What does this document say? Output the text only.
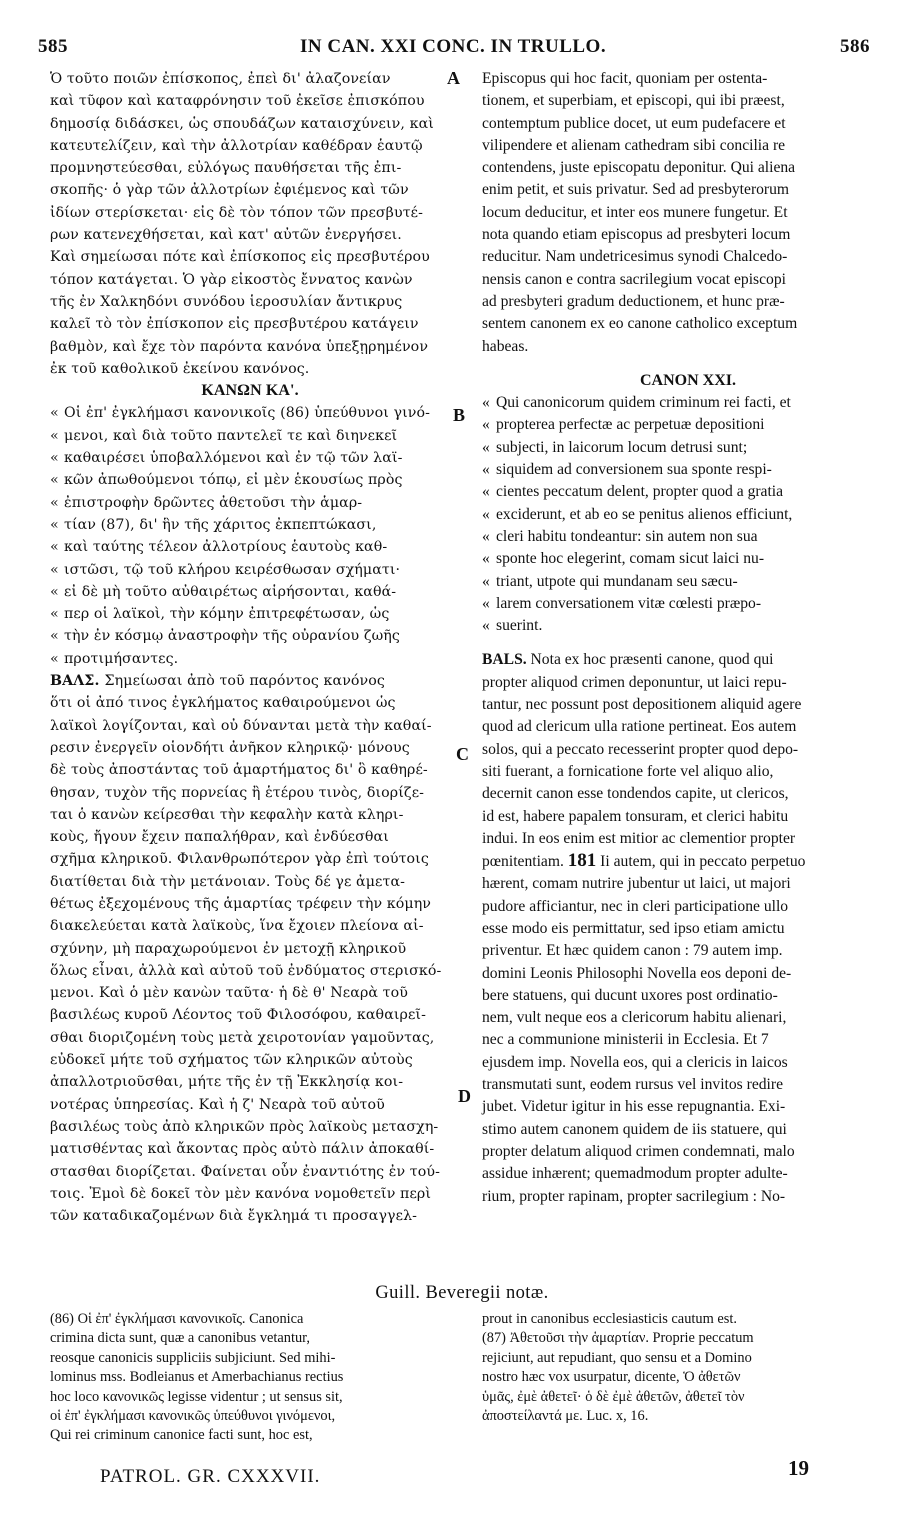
585	IN CAN. XXI CONC. IN TRULLO.	586
A
B
C
D

Ὁ τοῦτο ποιῶν ἐπίσκοπος, ἐπεὶ δι' ἀλαζονείαν

καὶ τῦφον καὶ καταφρόνησιν τοῦ ἐκεῖσε ἐπισκόπου

δημοσίᾳ διδάσκει, ὡς σπουδάζων καταισχύνειν, καὶ

κατευτελίζειν, καὶ τὴν ἀλλοτρίαν καθέδραν ἑαυτῷ

προμνηστεύεσθαι, εὐλόγως παυθήσεται τῆς ἐπι-

σκοπῆς· ὁ γὰρ τῶν ἀλλοτρίων ἐφιέμενος καὶ τῶν

ἰδίων στερίσκεται· εἰς δὲ τὸν τόπον τῶν πρεσβυτέ-

ρων κατενεχθήσεται, καὶ κατ' αὐτῶν ἐνεργήσει.

Καὶ σημείωσαι πότε καὶ ἐπίσκοπος εἰς πρεσβυτέρου

τόπον κατάγεται. Ὁ γὰρ εἰκοστὸς ἔννατος κανὼν

τῆς ἐν Χαλκηδόνι συνόδου ἱεροσυλίαν ἄντικρυς

καλεῖ τὸ τὸν ἐπίσκοπον εἰς πρεσβυτέρου κατάγειν

βαθμὸν, καὶ ἔχε τὸν παρόντα κανόνα ὑπεξῃρημένον

ἐκ τοῦ καθολικοῦ ἐκείνου κανόνος.

ΚΑΝΩΝ ΚΑ'.

« Οἱ ἐπ' ἐγκλήμασι κανονικοῖς (86) ὑπεύθυνοι γινό-

« μενοι, καὶ διὰ τοῦτο παντελεῖ τε καὶ διηνεκεῖ

« καθαιρέσει ὑποβαλλόμενοι καὶ ἐν τῷ τῶν λαϊ-

« κῶν ἀπωθούμενοι τόπῳ, εἰ μὲν ἑκουσίως πρὸς

« ἐπιστροφὴν δρῶντες ἀθετοῦσι τὴν ἁμαρ-

« τίαν (87), δι' ἣν τῆς χάριτος ἐκπεπτώκασι,

« καὶ ταύτης τέλεον ἀλλοτρίους ἑαυτοὺς καθ-

« ιστῶσι, τῷ τοῦ κλήρου κειρέσθωσαν σχήματι·

« εἰ δὲ μὴ τοῦτο αὐθαιρέτως αἱρήσονται, καθά-

« περ οἱ λαϊκοὶ, τὴν κόμην ἐπιτρεφέτωσαν, ὡς

« τὴν ἐν κόσμῳ ἀναστροφὴν τῆς οὐρανίου ζωῆς

« προτιμήσαντες.

ΒΑΛΣ. Σημείωσαι ἀπὸ τοῦ παρόντος κανόνος

ὅτι οἱ ἀπό τινος ἐγκλήματος καθαιρούμενοι ὡς

λαϊκοὶ λογίζονται, καὶ οὐ δύνανται μετὰ τὴν καθαί-

ρεσιν ἐνεργεῖν οἱονδήτι ἀνῆκον κληρικῷ· μόνους

δὲ τοὺς ἀποστάντας τοῦ ἁμαρτήματος δι' ὃ καθηρέ-

θησαν, τυχὸν τῆς πορνείας ἢ ἑτέρου τινὸς, διορίζε-

ται ὁ κανὼν κείρεσθαι τὴν κεφαλὴν κατὰ κληρι-

κοὺς, ἤγουν ἔχειν παπαλήθραν, καὶ ἐνδύεσθαι

σχῆμα κληρικοῦ. Φιλανθρωπότερον γὰρ ἐπὶ τούτοις

διατίθεται διὰ τὴν μετάνοιαν. Τοὺς δέ γε ἀμετα-

θέτως ἐξεχομένους τῆς ἁμαρτίας τρέφειν τὴν κόμην

διακελεύεται κατὰ λαϊκοὺς, ἵνα ἔχοιεν πλείονα αἰ-

σχύνην, μὴ παραχωρούμενοι ἐν μετοχῇ κληρικοῦ

ὅλως εἶναι, ἀλλὰ καὶ αὐτοῦ τοῦ ἐνδύματος στερισκό-

μενοι. Καὶ ὁ μὲν κανὼν ταῦτα· ἡ δὲ θ' Νεαρὰ τοῦ

βασιλέως κυροῦ Λέοντος τοῦ Φιλοσόφου, καθαιρεῖ-

σθαι διοριζομένη τοὺς μετὰ χειροτονίαν γαμοῦντας,

εὐδοκεῖ μήτε τοῦ σχήματος τῶν κληρικῶν αὐτοὺς

ἀπαλλοτριοῦσθαι, μήτε τῆς ἐν τῇ Ἐκκλησίᾳ κοι-

νοτέρας ὑπηρεσίας. Καὶ ἡ ζ' Νεαρὰ τοῦ αὐτοῦ

βασιλέως τοὺς ἀπὸ κληρικῶν πρὸς λαϊκοὺς μετασχη-

ματισθέντας καὶ ἄκοντας πρὸς αὐτὸ πάλιν ἀποκαθί-

στασθαι διορίζεται. Φαίνεται οὖν ἐναντιότης ἐν τού-

τοις. Ἐμοὶ δὲ δοκεῖ τὸν μὲν κανόνα νομοθετεῖν περὶ

τῶν καταδικαζομένων διὰ ἔγκλημά τι προσαγγελ-

Episcopus qui hoc facit, quoniam per ostenta-

tionem, et superbiam, et episcopi, qui ibi præest,

contemptum publice docet, ut eum pudefacere et

vilipendere et alienam cathedram sibi concilia re

contendens, juste episcopatu deponitur. Qui aliena

enim petit, et suis privatur. Sed ad presbyterorum

locum deducitur, et inter eos munere fungetur. Et

nota quando etiam episcopus ad presbyteri locum

reducitur. Nam undetricesimus synodi Chalcedo-

nensis canon e contra sacrilegium vocat episcopi

ad presbyteri gradum deductionem, et hunc præ-

sentem canonem ex eo canone catholico exceptum

habeas.

CANON XXI.

« Qui canonicorum quidem criminum rei facti, et

« propterea perfectæ ac perpetuæ depositioni

« subjecti, in laicorum locum detrusi sunt;

« siquidem ad conversionem sua sponte respi-

« cientes peccatum delent, propter quod a gratia

« exciderunt, et ab eo se penitus alienos efficiunt,

« cleri habitu tondeantur: sin autem non sua

« sponte hoc elegerint, comam sicut laici nu-

« triant, utpote qui mundanam seu sæcu-

« larem conversationem vitæ cœlesti præpo-

« suerint.

BALS. Nota ex hoc præsenti canone, quod qui

propter aliquod crimen deponuntur, ut laici repu-

tantur, nec possunt post depositionem aliquid agere

quod ad clericum ulla ratione pertineat. Eos autem

solos, qui a peccato recesserint propter quod depo-

siti fuerant, a fornicatione forte vel aliquo alio,

decernit canon esse tondendos capite, ut clericos,

id est, habere papalem tonsuram, et clerici habitu

indui. In eos enim est mitior ac clementior propter

pœnitentiam. 181 Ii autem, qui in peccato perpetuo

hærent, comam nutrire jubentur ut laici, ut majori

pudore afficiantur, nec in cleri participatione ullo

esse modo eis permittatur, sed ipso etiam amictu

priventur. Et hæc quidem canon : 79 autem imp.

domini Leonis Philosophi Novella eos deponi de-

bere statuens, qui ducunt uxores post ordinatio-

nem, vult neque eos a clericorum habitu alienari,

nec a communione ministerii in Ecclesia. Et 7

ejusdem imp. Novella eos, qui a clericis in laicos

transmutati sunt, eodem rursus vel invitos redire

jubet. Videtur igitur in his esse repugnantia. Exi-

stimo autem canonem quidem de iis statuere, qui

propter delatum aliquod crimen condemnati, malo

assidue inhærent; quemadmodum propter adulte-

rium, propter rapinam, propter sacrilegium : No-

Guill. Beveregii notæ.

(86) Οἱ ἐπ' ἐγκλήμασι κανονικοῖς. Canonica

crimina dicta sunt, quæ a canonibus vetantur,

reosque canonicis suppliciis subjiciunt. Sed mihi-

lominus mss. Bodleianus et Amerbachianus rectius

hoc loco κανονικῶς legisse videntur ; ut sensus sit,

οἱ ἐπ' ἐγκλήμασι κανονικῶς ὑπεύθυνοι γινόμενοι,

Qui rei criminum canonice facti sunt, hoc est,

prout in canonibus ecclesiasticis cautum est.

(87) Ἀθετοῦσι τὴν ἁμαρτίαν. Proprie peccatum

rejiciunt, aut repudiant, quo sensu et a Domino

nostro hæc vox usurpatur, dicente, Ὁ ἀθετῶν

ὑμᾶς, ἐμὲ ἀθετεῖ· ὁ δὲ ἐμὲ ἀθετῶν, ἀθετεῖ τὸν

ἀποστείλαντά με. Luc. x, 16.

PATROL. GR. CXXXVII.	19
